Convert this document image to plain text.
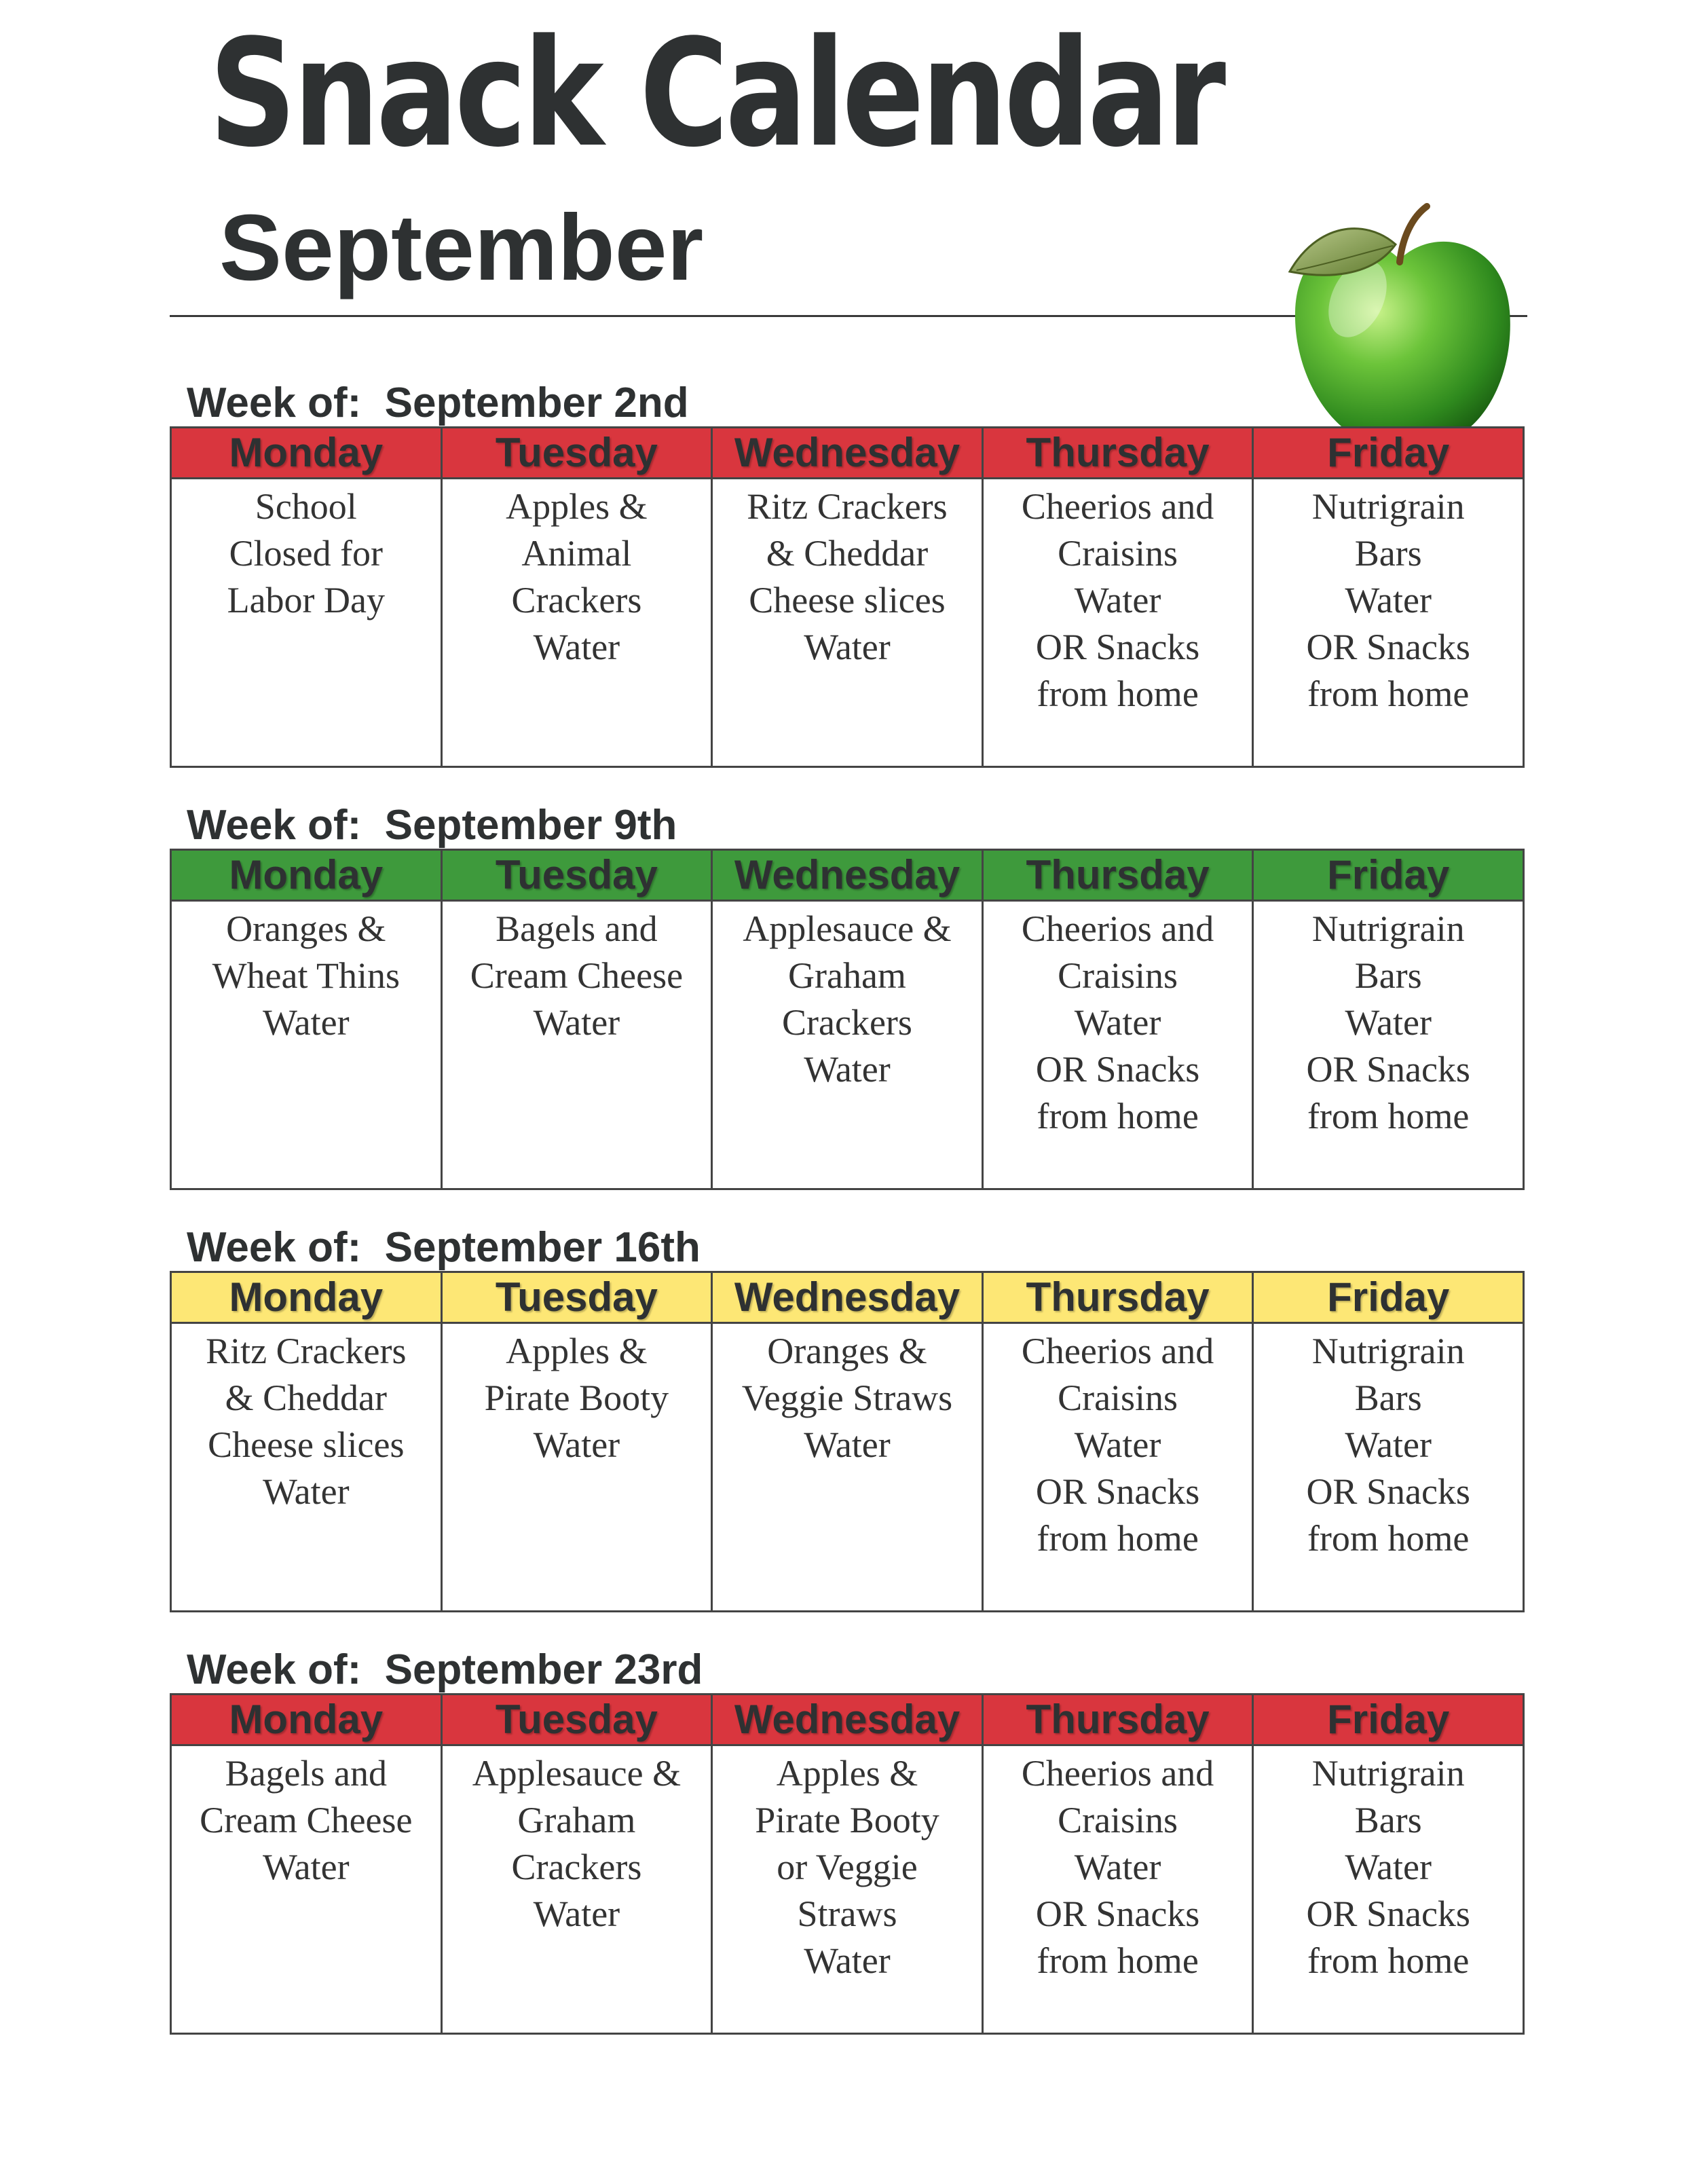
Snack Calendar
September
Week of:  September 2nd
Monday	Tuesday	Wednesday	Thursday	Friday

School
Closed for
Labor Day	Apples &
Animal
Crackers
Water	Ritz Crackers
& Cheddar
Cheese slices
Water	Cheerios and
Craisins
Water
OR Snacks
from home	Nutrigrain
Bars
Water
OR Snacks
from home
Week of:  September 9th
Monday	Tuesday	Wednesday	Thursday	Friday

Oranges &
Wheat Thins
Water	Bagels and
Cream Cheese
Water	Applesauce &
Graham
Crackers
Water	Cheerios and
Craisins
Water
OR Snacks
from home	Nutrigrain
Bars
Water
OR Snacks
from home
Week of:  September 16th
Monday	Tuesday	Wednesday	Thursday	Friday

Ritz Crackers
& Cheddar
Cheese slices
Water	Apples &
Pirate Booty
Water	Oranges &
Veggie Straws
Water	Cheerios and
Craisins
Water
OR Snacks
from home	Nutrigrain
Bars
Water
OR Snacks
from home
Week of:  September 23rd
Monday	Tuesday	Wednesday	Thursday	Friday

Bagels and
Cream Cheese
Water	Applesauce &
Graham
Crackers
Water	Apples &
Pirate Booty
or Veggie
Straws
Water	Cheerios and
Craisins
Water
OR Snacks
from home	Nutrigrain
Bars
Water
OR Snacks
from home
